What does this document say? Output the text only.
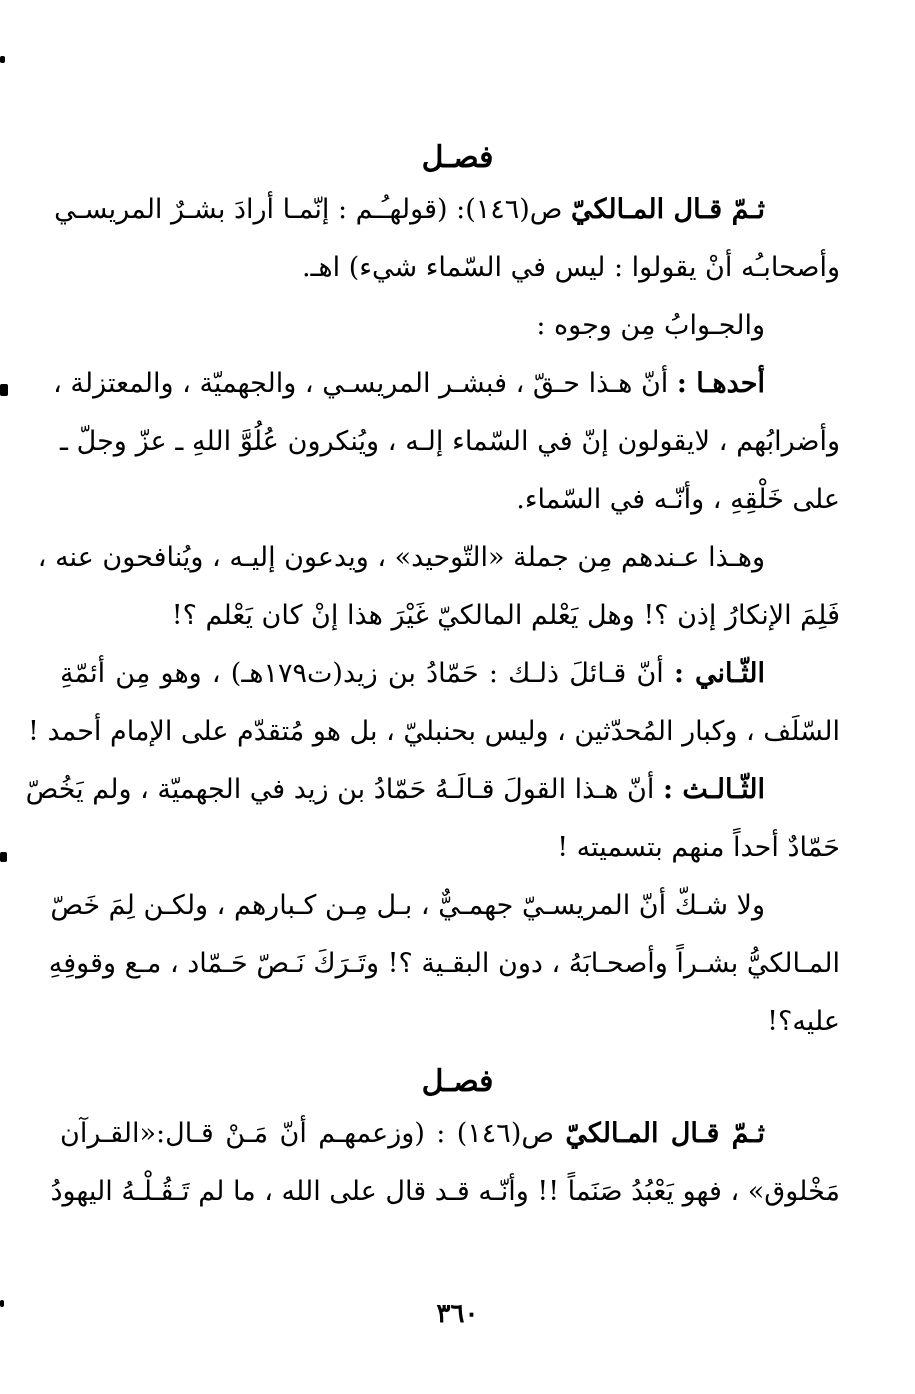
فصـل
ثـمّ قـال المـالكيّ ص(١٤٦): (قولهـُـم : إنّمـا أرادَ بشـرٌ المريسـي
وأصحابـُه أنْ يقولوا : ليس في السّماء شيء) اهـ.
والجـوابُ مِن وجوه :
أحدهـا : أنّ هـذا حـقّ ، فبشـر المريسـي ، والجهميّة ، والمعتزلة ،
وأضرابُهم ، لايقولون إنّ في السّماء إلـه ، ويُنكرون عُلُوَّ اللهِ ـ عزّ وجلّ ـ
على خَلْقِهِ ، وأنّـه في السّماء.
وهـذا عـندهم مِن جملة «التّوحيد» ، ويدعون إليـه ، ويُنافحون عنه ،
فَلِمَ الإنكارُ إذن ؟! وهل يَعْلم المالكيّ غَيْرَ هذا إنْ كان يَعْلم ؟!
الثّـاني : أنّ قـائلَ ذلـك : حَمّادُ بن زيد(ت١٧٩هـ) ، وهو مِن أئمّةِ
السّلَف ، وكبار المُحدّثين ، وليس بحنبليّ ، بل هو مُتقدّم على الإمام أحمد !
الثّـالـث : أنّ هـذا القولَ قـالَـهُ حَمّادُ بن زيد في الجهميّة ، ولم يَخُصّ
حَمّادٌ أحداً منهم بتسميته !
ولا شـكّ أنّ المريسـيّ جهمـيٌّ ، بـل مِـن كـبارهم ، ولكـن لِمَ خَصّ
المـالكيُّ بشـراً وأصحـابَهُ ، دون البقـية ؟! وتَـرَكَ نَـصّ حَـمّاد ، مـع وقوفِهِ
عليه؟!
فصـل
ثـمّ قـال المـالكيّ ص(١٤٦) : (وزعمهـم أنّ مَـنْ قـال:«القـرآن
مَخْلوق» ، فهو يَعْبُدُ صَنَماً !! وأنّـه قـد قال على الله ، ما لم تَـقُـلْـهُ اليهودُ
٣٦٠
